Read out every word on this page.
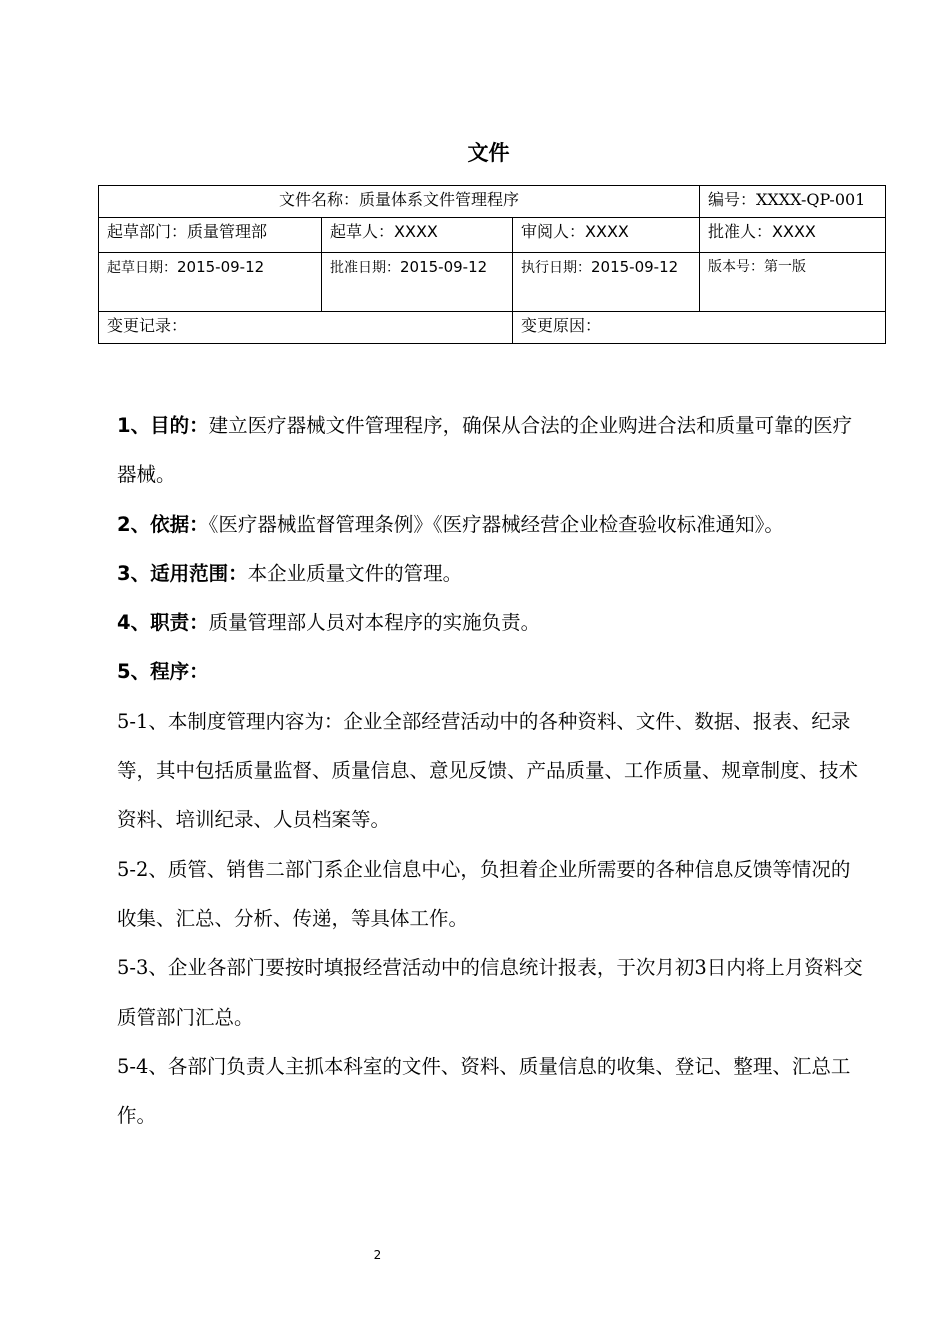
文件
文件名称：质量体系文件管理程序			编号：XXXX-QP-001
起草部门：质量管理部	起草人：XXXX	审阅人：XXXX	批准人：XXXX
起草日期：2015-09-12	批准日期：2015-09-12	执行日期：2015-09-12	版本号：第一版
变更记录：		变更原因：	

1、目的：建立医疗器械文件管理程序，确保从合法的企业购进合法和质量可靠的医疗器械。

2、依据：《医疗器械监督管理条例》《医疗器械经营企业检查验收标准通知》。

3、适用范围：本企业质量文件的管理。

4、职责：质量管理部人员对本程序的实施负责。

5、程序：

5-1、本制度管理内容为：企业全部经营活动中的各种资料、文件、数据、报表、纪录等，其中包括质量监督、质量信息、意见反馈、产品质量、工作质量、规章制度、技术资料、培训纪录、人员档案等。

5-2、质管、销售二部门系企业信息中心，负担着企业所需要的各种信息反馈等情况的收集、汇总、分析、传递，等具体工作。

5-3、企业各部门要按时填报经营活动中的信息统计报表，于次月初3日内将上月资料交质管部门汇总。

5-4、各部门负责人主抓本科室的文件、资料、质量信息的收集、登记、整理、汇总工作。

2
